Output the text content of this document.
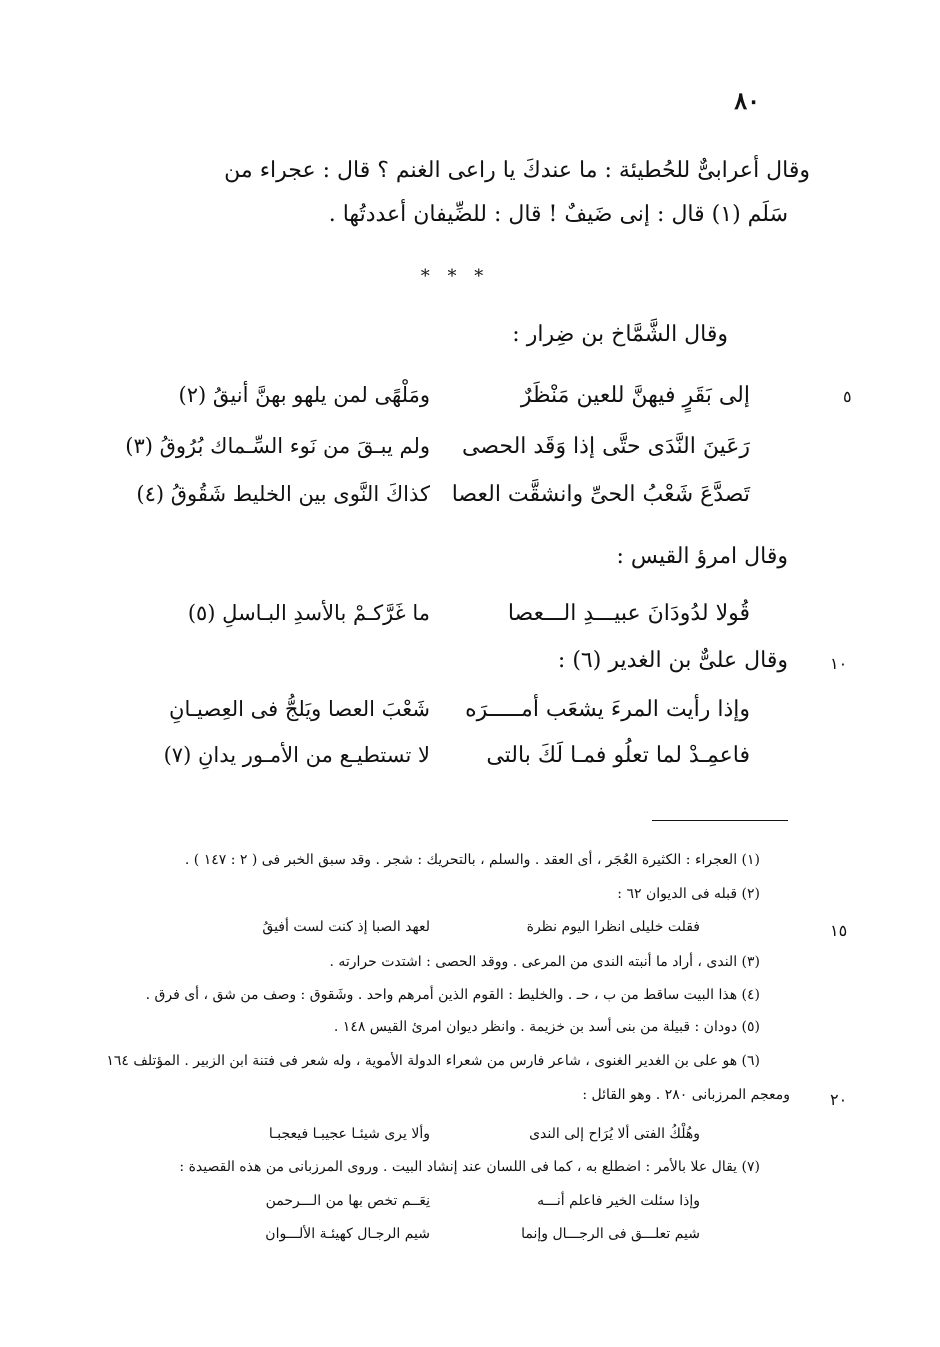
٨٠
وقال أعرابىٌّ للحُطيئة : ما عندكَ يا راعى الغنم ؟ قال : عجراء من
سَلَم (١) قال : إنى ضَيفٌ ! قال : للضِّيفان أعددتُها .
* * *
وقال الشَّمَّاخ بن ضِرار :
٥
إلى بَقَرٍ فيهنَّ للعين مَنْظَرٌ
ومَلْهًى لمن يلهو بهنَّ أنيقُ (٢)
رَعَينَ النَّدَى حتَّى إذا وَقَد الحصى
ولم يبـقَ من نَوء السِّـماك بُرُوقُ (٣)
تَصدَّعَ شَعْبُ الحىِّ وانشقَّت العصا
كذاكَ النَّوى بين الخليط شَقُوقُ (٤)
وقال امرؤ القيس :
قُولا لدُودَانَ عبيـــدِ الـــعصا
ما غَرَّكـمْ بالأسدِ البـاسلِ (٥)
١٠
وقال علىٌّ بن الغدير (٦) :
وإذا رأيت المرءَ يشعَب أمـــــرَه
شَعْبَ العصا ويَلجُّ فى العِصيـانِ
فاعمِـدْ لما تعلُو فمـا لَكَ بالتى
لا تستطيـع من الأمـور يدانِ (٧)
(١) العجراء : الكثيرة العُجَر ، أى العقد . والسلم ، بالتحريك : شجر . وقد سبق الخبر فى ( ٢ : ١٤٧ ) .
(٢) قبله فى الديوان ٦٢ :
١٥
فقلت خليلى انظرا اليوم نظرة
لعهد الصبا إذ كنت لست أفيقُ
(٣) الندى ، أراد ما أنبته الندى من المرعى . ووقد الحصى : اشتدت حرارته .
(٤) هذا البيت ساقط من ب ، حـ . والخليط : القوم الذين أمرهم واحد . وشَقوق : وصف من شق ، أى فرق .
(٥) دودان : قبيلة من بنى أسد بن خزيمة . وانظر ديوان امرئ القيس ١٤٨ .
(٦) هو على بن الغدير الغنوى ، شاعر فارس من شعراء الدولة الأموية ، وله شعر فى فتنة ابن الزبير . المؤتلف ١٦٤
٢٠
ومعجم المرزبانى ٢٨٠ . وهو القائل :
وهُلْكُ الفتى ألا يُرَاح إلى الندى
وألا يرى شيئـا عجيبـا فيعجبـا
(٧) يقال علا بالأمر : اضطلع به ، كما فى اللسان عند إنشاد البيت . وروى المرزبانى من هذه القصيدة :
وإذا سئلت الخير فاعلم أنـــه
نِعَــم تخص بها من الـــرحمن
شيم تعلـــق فى الرجـــال وإنما
شيم الرجـال كهيئـة الألـــوان
